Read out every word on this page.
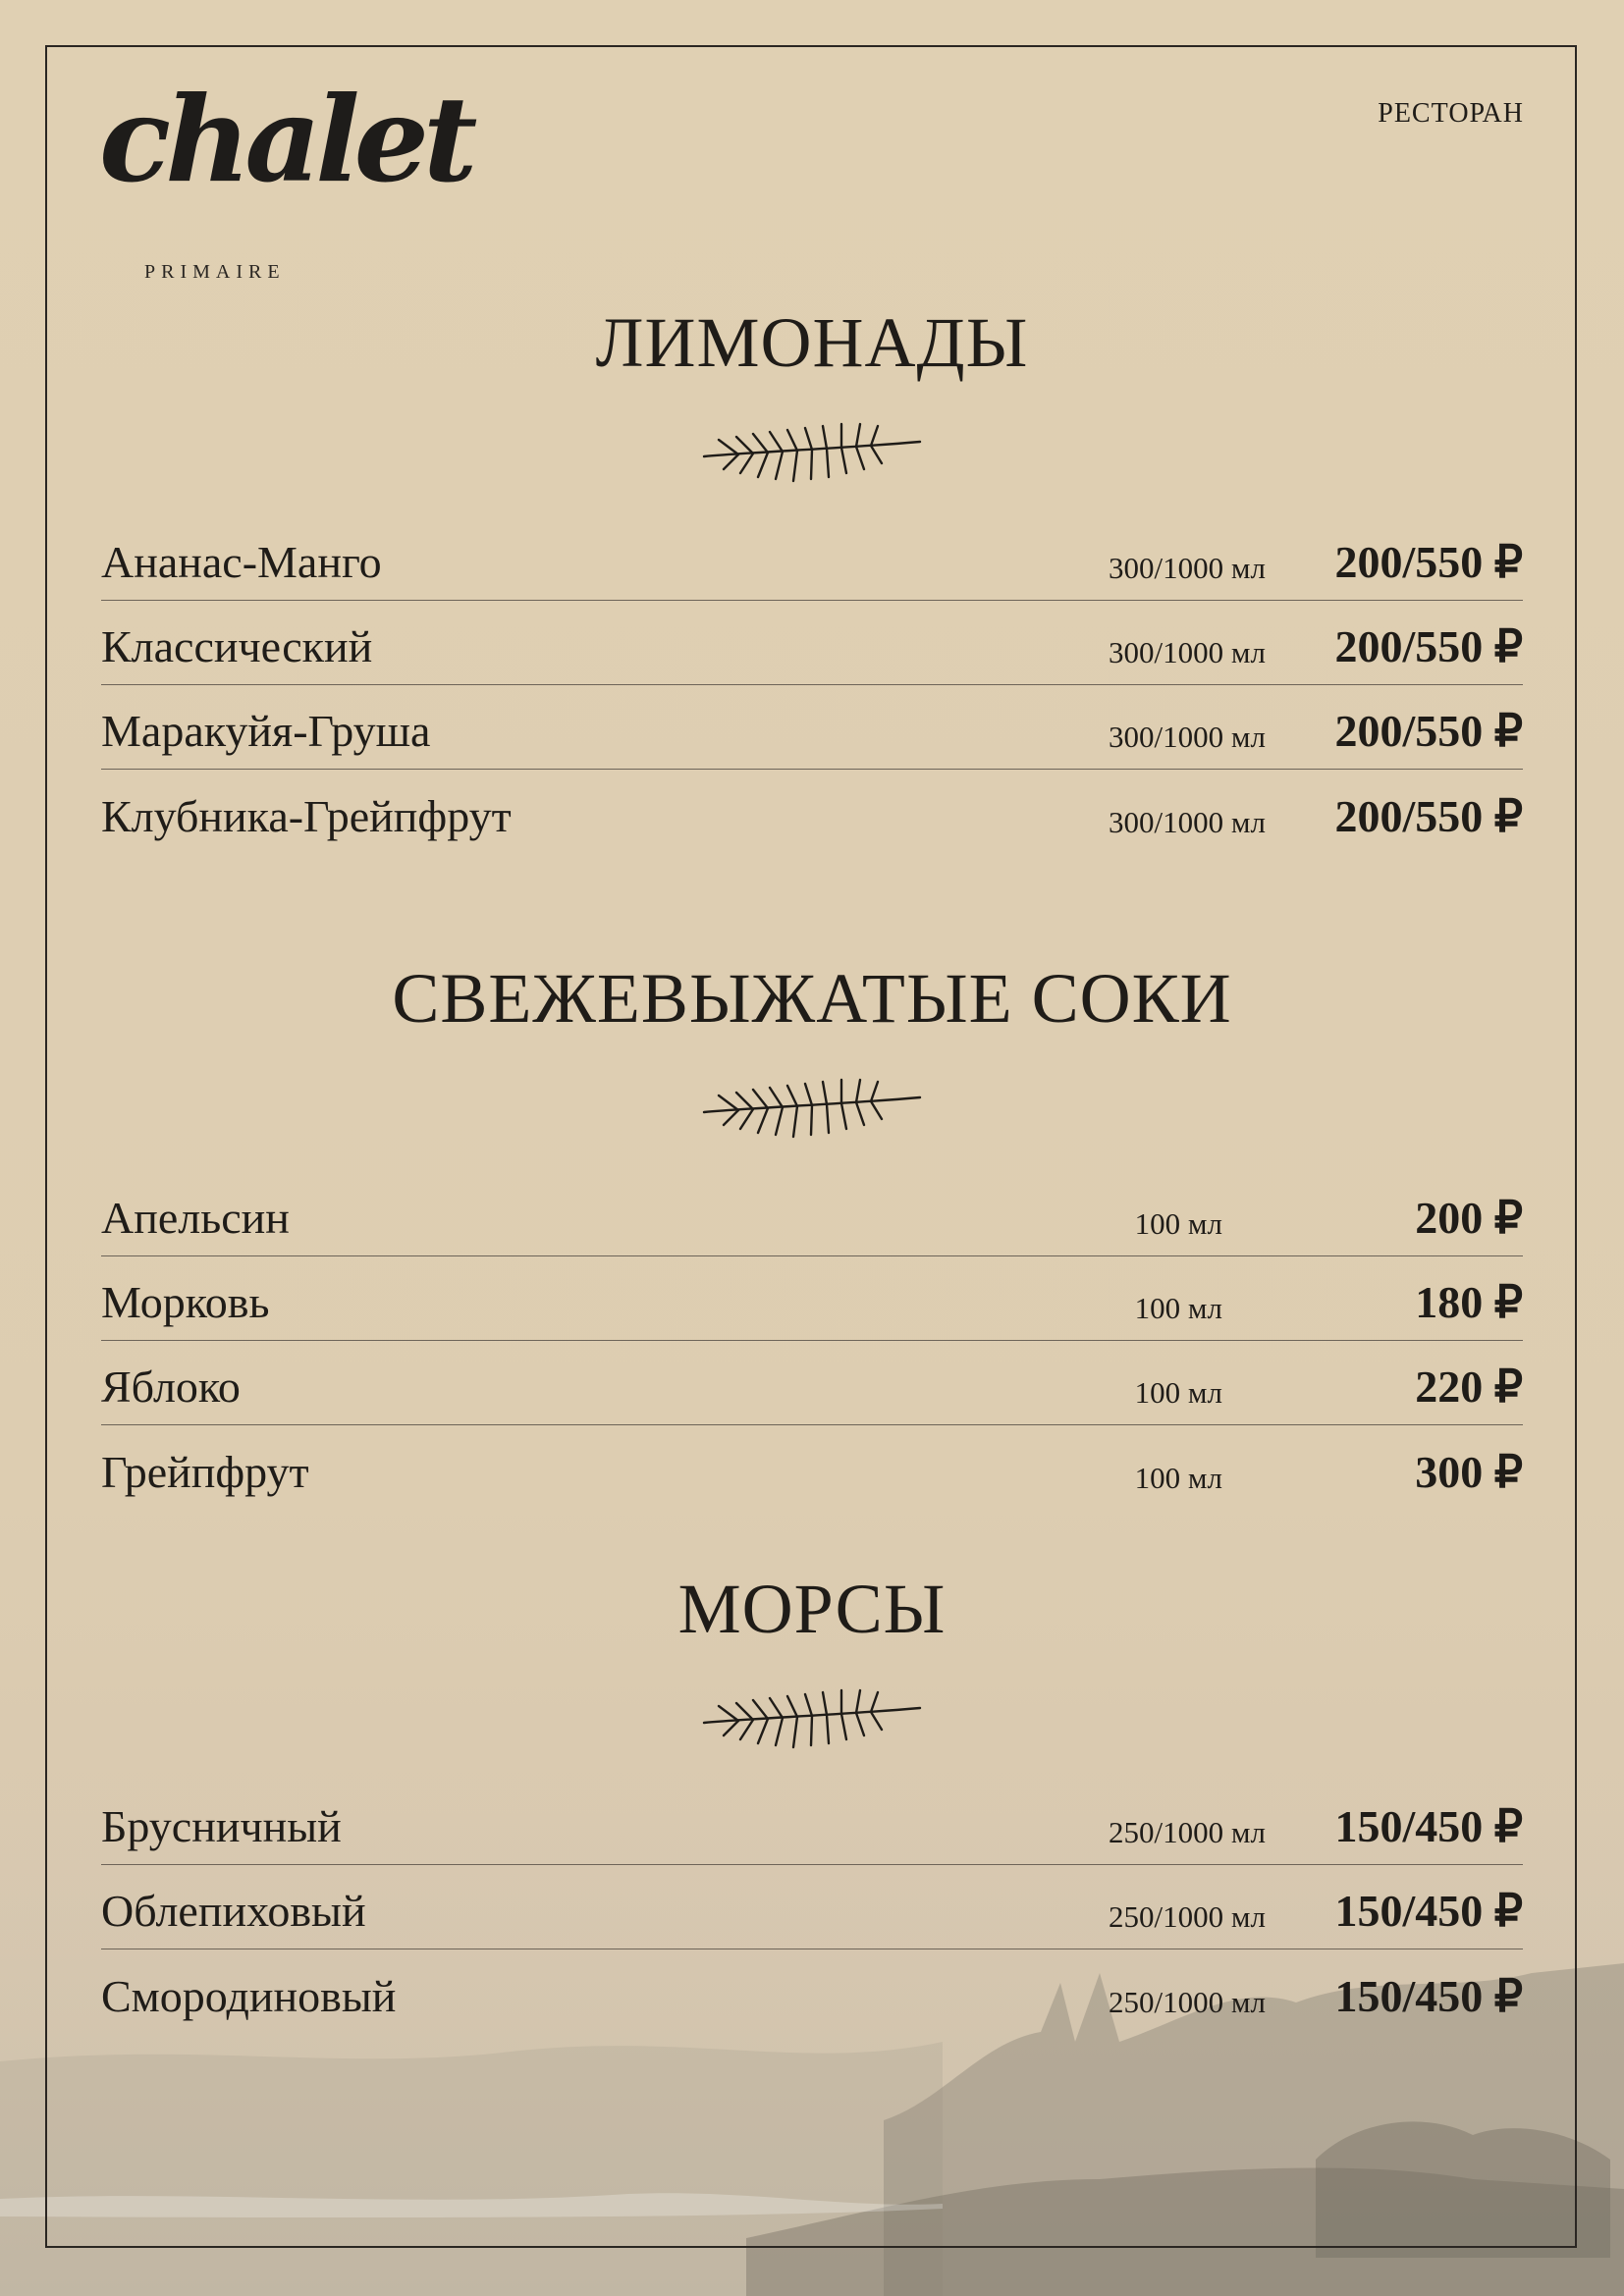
chalet
PRIMAIRE
РЕСТОРАН
ЛИМОНАДЫ
Ананас-Манго	300/1000 мл 200/550 ₽
Классический	300/1000 мл 200/550 ₽
Маракуйя-Груша	300/1000 мл 200/550 ₽
Клубника-Грейпфрут	300/1000 мл 200/550 ₽
СВЕЖЕВЫЖАТЫЕ СОКИ
Апельсин	100 мл	200 ₽
Морковь	100 мл	180 ₽
Яблоко	100 мл	220 ₽
Грейпфрут	100 мл	300 ₽
МОРСЫ
Брусничный	250/1000 мл 150/450 ₽
Облепиховый	250/1000 мл 150/450 ₽
Смородиновый	250/1000 мл 150/450 ₽
